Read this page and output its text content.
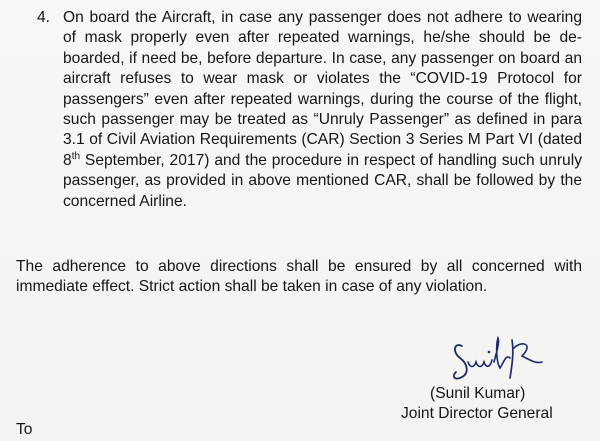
4. On board the Aircraft, in case any passenger does not adhere to wearing of mask properly even after repeated warnings, he/she should be de-boarded, if need be, before departure. In case, any passenger on board an aircraft refuses to wear mask or violates the “COVID-19 Protocol for passengers” even after repeated warnings, during the course of the flight, such passenger may be treated as “Unruly Passenger” as defined in para 3.1 of Civil Aviation Requirements (CAR) Section 3 Series M Part VI (dated 8th September, 2017) and the procedure in respect of handling such unruly passenger, as provided in above mentioned CAR, shall be followed by the concerned Airline.

The adherence to above directions shall be ensured by all concerned with immediate effect. Strict action shall be taken in case of any violation.

(Sunil Kumar)
Joint Director General
To
